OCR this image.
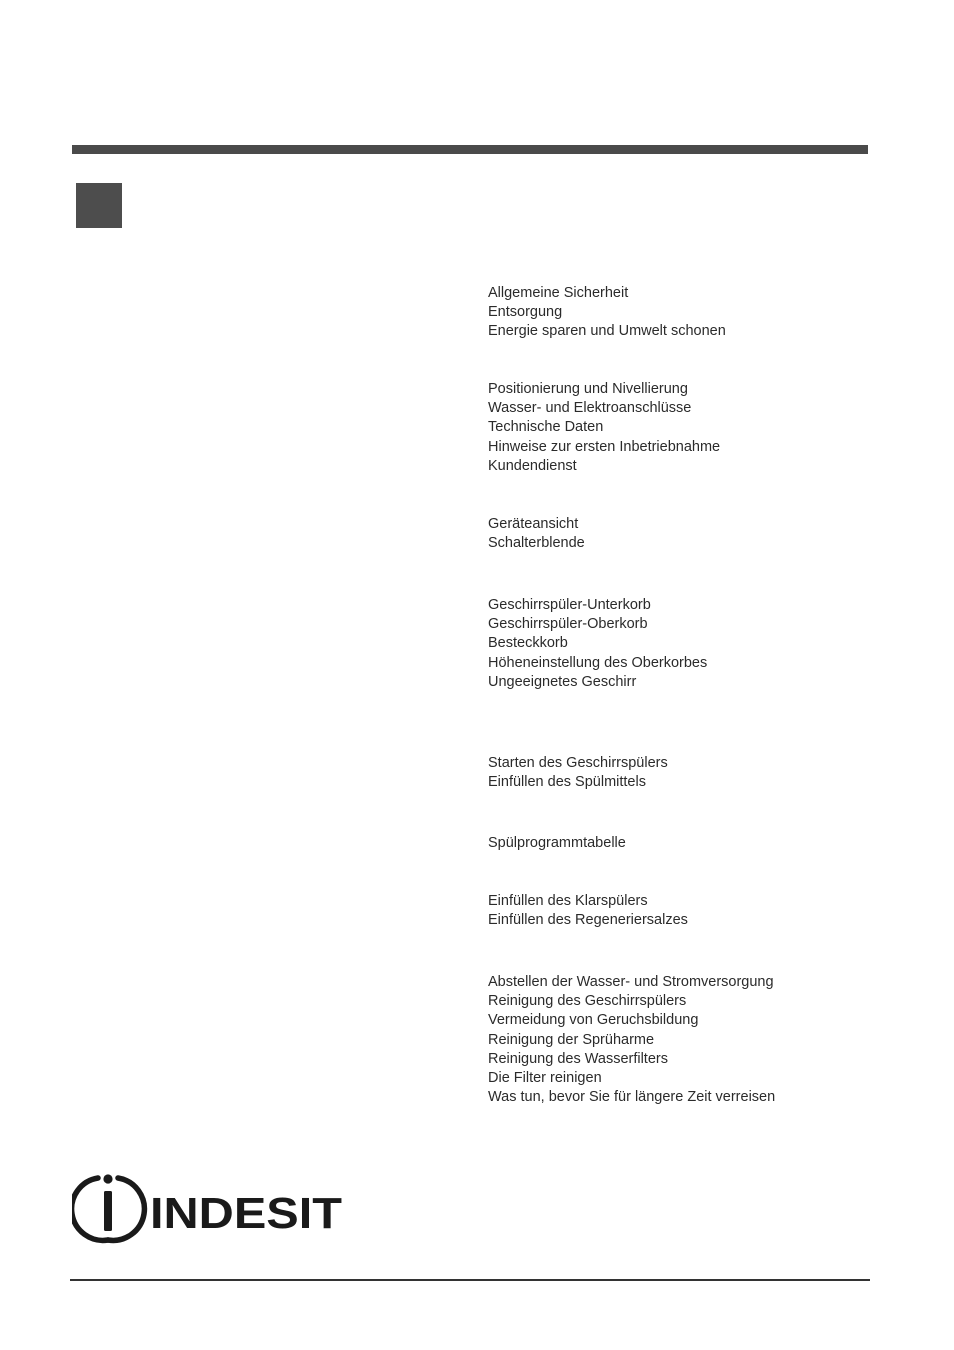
Allgemeine Sicherheit
Entsorgung
Energie sparen und Umwelt schonen
Positionierung und Nivellierung
Wasser- und Elektroanschlüsse
Technische Daten
Hinweise zur ersten Inbetriebnahme
Kundendienst
Geräteansicht
Schalterblende
Geschirrspüler-Unterkorb
Geschirrspüler-Oberkorb
Besteckkorb
Höheneinstellung des Oberkorbes
Ungeeignetes Geschirr
Starten des Geschirrspülers
Einfüllen des Spülmittels
Spülprogrammtabelle
Einfüllen des Klarspülers
Einfüllen des Regeneriersalzes
Abstellen der Wasser- und Stromversorgung
Reinigung des Geschirrspülers
Vermeidung von Geruchsbildung
Reinigung der Sprüharme
Reinigung des Wasserfilters
Die Filter reinigen
Was tun, bevor Sie für längere Zeit verreisen
INDESIT
